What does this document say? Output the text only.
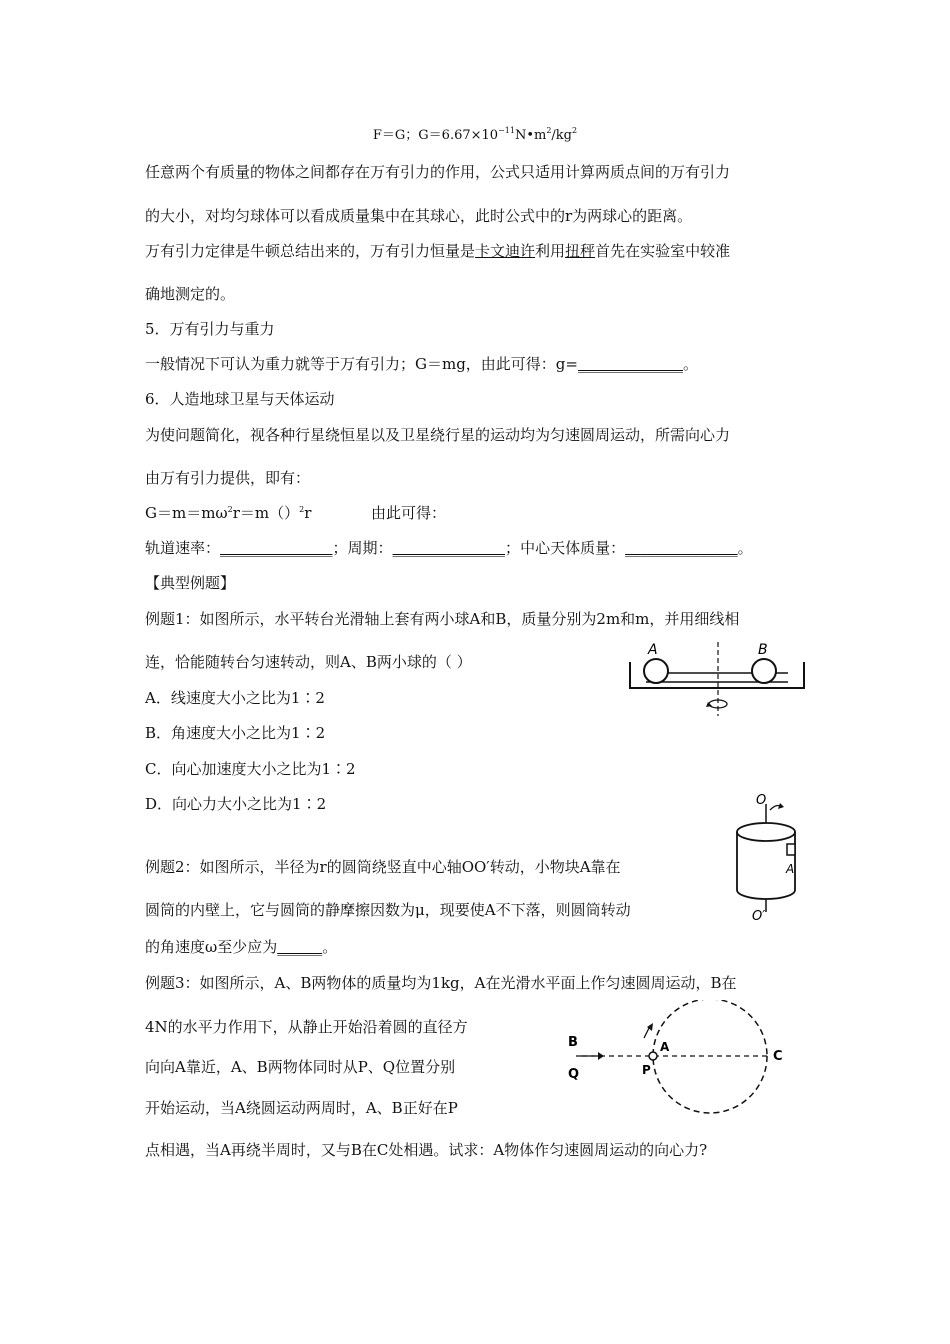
F＝G；$G=6.67\times 10^{-11}N•m^2/kg^2$
任意两个有质量的物体之间都存在万有引力的作用，公式只适用计算两质点间的万有引力
的大小，对均匀球体可以看成质量集中在其球心，此时公式中的r为两球心的距离。
万有引力定律是牛顿总结出来的，万有引力恒量是卡文迪许利用扭秤首先在实验室中较准
确地测定的。
5．万有引力与重力
一般情况下可认为重力就等于万有引力；G＝mg，由此可得：g=______________。
6．人造地球卫星与天体运动
为使问题简化，视各种行星绕恒星以及卫星绕行星的运动均为匀速圆周运动，所需向心力
由万有引力提供，即有：
$G=m=m\omega^2r=m()^2r$	由此可得：
轨道速率：_______________；周期：_______________；中心天体质量：_______________。
【典型例题】
例题1：如图所示，水平转台光滑轴上套有两小球A和B，质量分别为2m和m，并用细线相
连，恰能随转台匀速转动，则A、B两小球的（ ）
A．线速度大小之比为1∶2
B．角速度大小之比为1∶2
C．向心加速度大小之比为1∶2
D．向心力大小之比为1∶2
A	B
O
A
O′
例题2：如图所示，半径为r的圆筒绕竖直中心轴OO′转动，小物块A靠在
圆筒的内壁上，它与圆筒的静摩擦因数为μ，现要使A不下落，则圆筒转动
的角速度ω至少应为______。
例题3：如图所示，A、B两物体的质量均为1kg，A在光滑水平面上作匀速圆周运动，B在
4N的水平力作用下，从静止开始沿着圆的直径方
向向A靠近，A、B两物体同时从P、Q位置分别
开始运动，当A绕圆运动两周时，A、B正好在P
点相遇，当A再绕半周时，又与B在C处相遇。试求：A物体作匀速圆周运动的向心力?
B
Q
A
P
C
